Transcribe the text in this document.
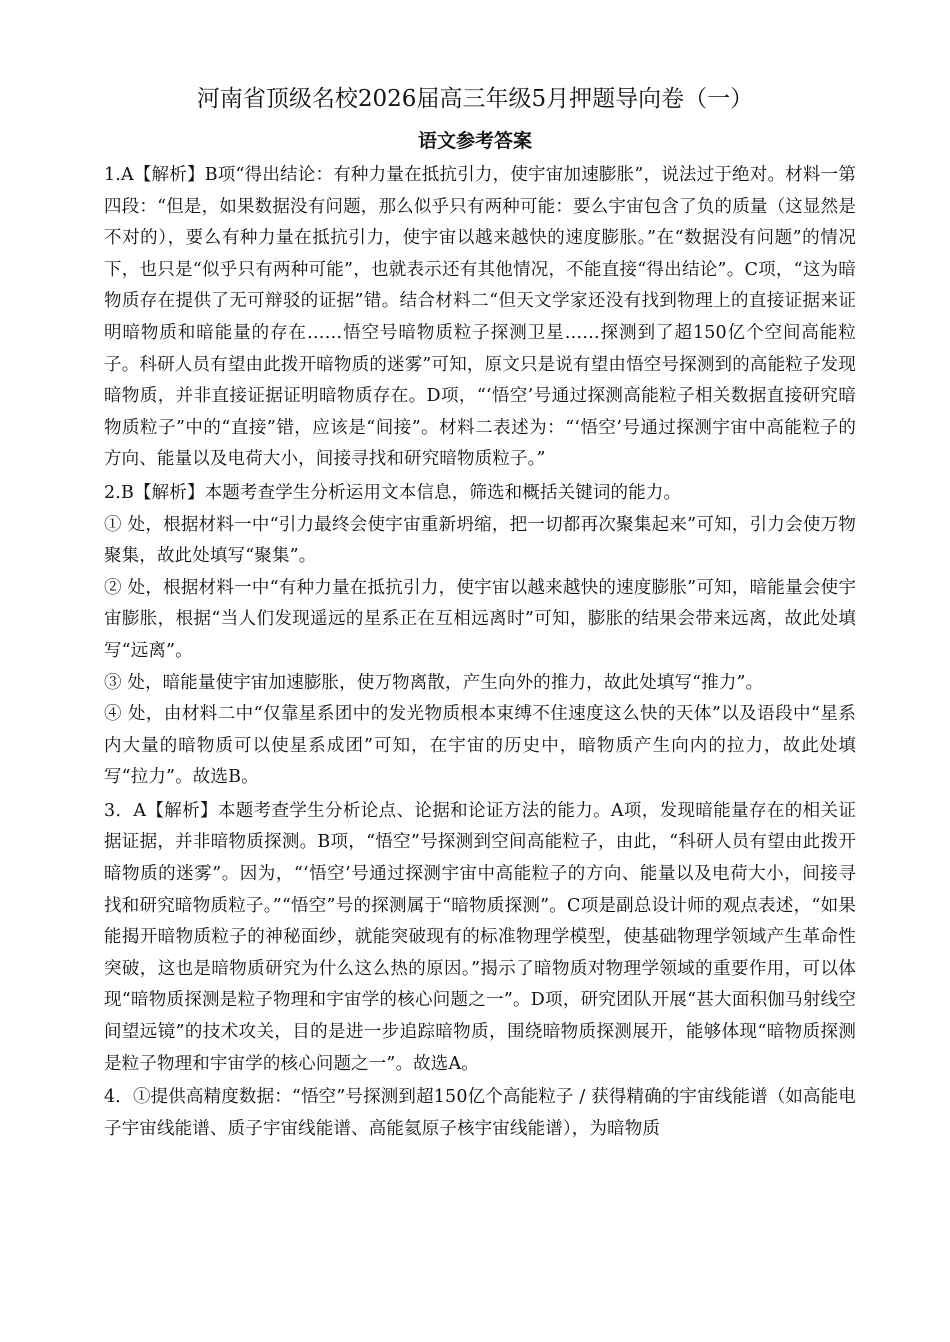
河南省顶级名校2026届高三年级5月押题导向卷（一）
语文参考答案

1.A【解析】B项“得出结论：有种力量在抵抗引力，使宇宙加速膨胀”，说法过于绝对。材料一第四段：“但是，如果数据没有问题，那么似乎只有两种可能：要么宇宙包含了负的质量（这显然是不对的），要么有种力量在抵抗引力，使宇宙以越来越快的速度膨胀。”在“数据没有问题”的情况下，也只是“似乎只有两种可能”，也就表示还有其他情况，不能直接“得出结论”。C项，“这为暗物质存在提供了无可辩驳的证据”错。结合材料二“但天文学家还没有找到物理上的直接证据来证明暗物质和暗能量的存在……悟空号暗物质粒子探测卫星……探测到了超150亿个空间高能粒子。科研人员有望由此拨开暗物质的迷雾”可知，原文只是说有望由悟空号探测到的高能粒子发现暗物质，并非直接证据证明暗物质存在。D项，“‘悟空’号通过探测高能粒子相关数据直接研究暗物质粒子”中的“直接”错，应该是“间接”。材料二表述为：“‘悟空’号通过探测宇宙中高能粒子的方向、能量以及电荷大小，间接寻找和研究暗物质粒子。”

2.B【解析】本题考查学生分析运用文本信息，筛选和概括关键词的能力。

① 处，根据材料一中“引力最终会使宇宙重新坍缩，把一切都再次聚集起来”可知，引力会使万物聚集，故此处填写“聚集”。

② 处，根据材料一中“有种力量在抵抗引力，使宇宙以越来越快的速度膨胀”可知，暗能量会使宇宙膨胀，根据“当人们发现遥远的星系正在互相远离时”可知，膨胀的结果会带来远离，故此处填写“远离”。

③ 处，暗能量使宇宙加速膨胀，使万物离散，产生向外的推力，故此处填写“推力”。

④ 处，由材料二中“仅靠星系团中的发光物质根本束缚不住速度这么快的天体”以及语段中“星系内大量的暗物质可以使星系成团”可知，在宇宙的历史中，暗物质产生向内的拉力，故此处填写“拉力”。故选B。

3．A【解析】本题考查学生分析论点、论据和论证方法的能力。A项，发现暗能量存在的相关证据证据，并非暗物质探测。B项，“悟空”号探测到空间高能粒子，由此，“科研人员有望由此拨开暗物质的迷雾”。因为，“‘悟空’号通过探测宇宙中高能粒子的方向、能量以及电荷大小，间接寻找和研究暗物质粒子。”“悟空”号的探测属于“暗物质探测”。C项是副总设计师的观点表述，“如果能揭开暗物质粒子的神秘面纱，就能突破现有的标准物理学模型，使基础物理学领域产生革命性突破，这也是暗物质研究为什么这么热的原因。”揭示了暗物质对物理学领域的重要作用，可以体现“暗物质探测是粒子物理和宇宙学的核心问题之一”。D项，研究团队开展“甚大面积伽马射线空间望远镜”的技术攻关，目的是进一步追踪暗物质，围绕暗物质探测展开，能够体现“暗物质探测是粒子物理和宇宙学的核心问题之一”。故选A。

4．①提供高精度数据：“悟空”号探测到超150亿个高能粒子 / 获得精确的宇宙线能谱（如高能电子宇宙线能谱、质子宇宙线能谱、高能氦原子核宇宙线能谱），为暗物质
